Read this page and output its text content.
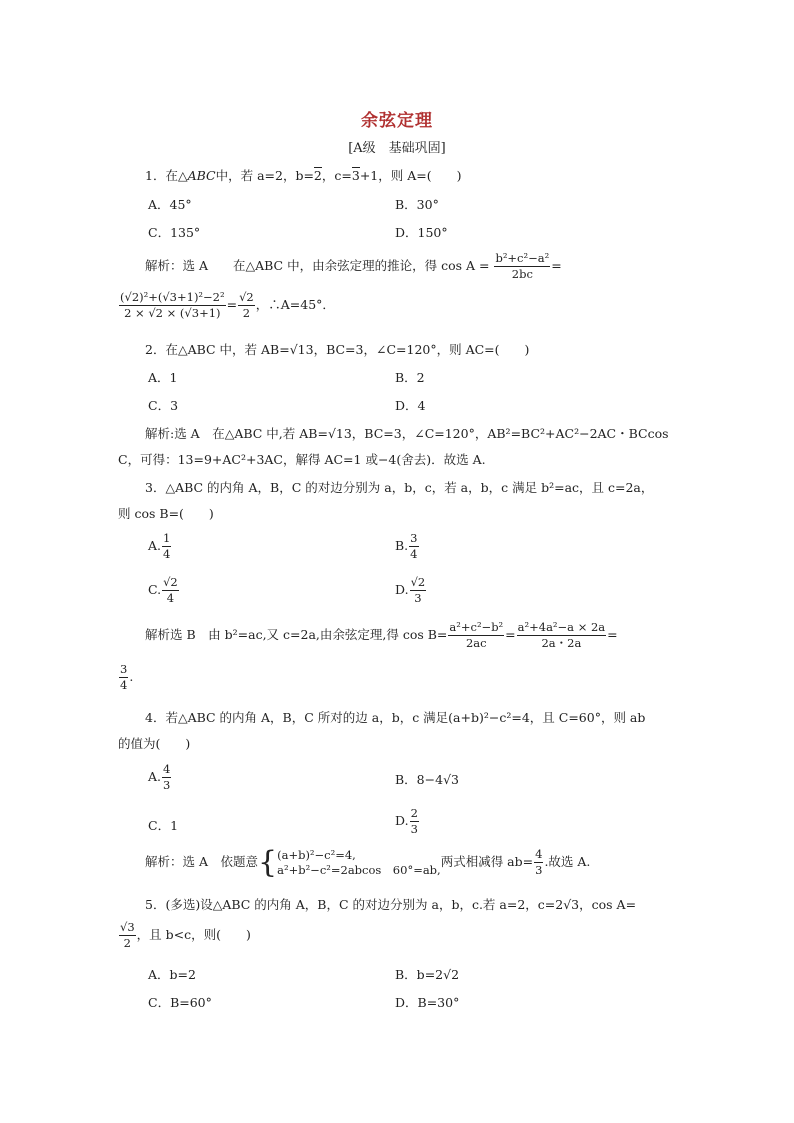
余弦定理
[A级　基础巩固]
1．在△ABC中，若 a=2，b=2，c=3+1，则 A=(　　)
A．45°	B．30°
C．135°	D．150°
解析：选 A　　在△ABC 中，由余弦定理的推论，得 $\cos A = \frac{\text{b²+c²−a²}}{2bc}$ =
$\frac{\text{(√2)²+(√3+1)²−2²}}{2 \times √2 \times (√3+1)} = \frac{√2}{2}$ ，∴A=45°．
2．在△ABC 中，若 AB=√13，BC=3，∠C=120°，则 AC=(　　)
A．1	B．2
C．3	D．4
解析:选 A　在△ABC 中,若 AB=√13，BC=3，∠C=120°，AB²=BC²+AC²−2AC・BCcos
C，可得：13=9+AC²+3AC，解得 AC=1 或−4(舍去)．故选 A.
3．△ABC 的内角 A，B，C 的对边分别为 a，b，c，若 a，b，c 满足 b²=ac，且 c=2a，
则 cos B=(　　)
A. $\frac{1}{4}$	B. $\frac{3}{4}$
C. $\frac{√2}{4}$	D. $\frac{√2}{3}$
解析选 B　由 b²=ac,又 c=2a,由余弦定理,得 $\cos B= \frac{\text{a²+c²−b²}}{2ac} = \frac{\text{a²+4a²−a × 2a}}{2a・2a}$ =
$\frac{3}{4}$ .
4．若△ABC 的内角 A，B，C 所对的边 a，b，c 满足(a+b)²−c²=4，且 C=60°，则 ab
的值为(　　)
A. $\frac{4}{3}$	B．8−4√3
C．1	D. $\frac{2}{3}$
解析：选 A　依题意{ (a+b)²−c²=4,
a²+b²−c²=2abcos　60°=ab,
两式相减得 $ab= \frac{4}{3}$ .故选 A.
5．(多选)设△ABC 的内角 A，B，C 的对边分别为 a，b，c.若 a=2，c=2√3，cos A=
$\frac{√3}{2}$ ，且 b<c，则(　　)
A．b=2	B．b=2√2
C．B=60°	D．B=30°
